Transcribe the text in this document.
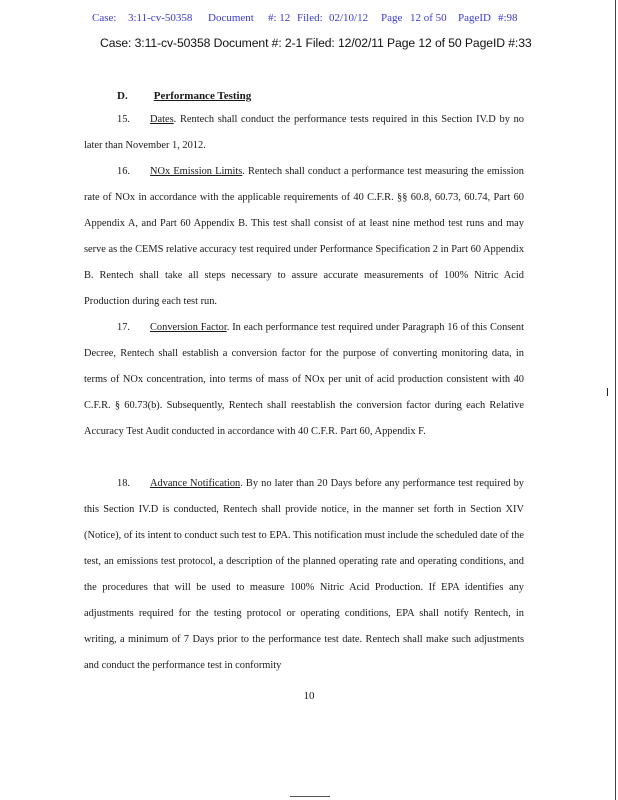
Case: 3:11-cv-50358 Document #: 12 Filed: 02/10/12 Page 12 of 50 PageID #:98
Case: 3:11-cv-50358 Document #: 2-1 Filed: 12/02/11 Page 12 of 50 PageID #:33
D. Performance Testing

15. Dates. Rentech shall conduct the performance tests required in this Section IV.D by no later than November 1, 2012.

16. NOx Emission Limits. Rentech shall conduct a performance test measuring the emission rate of NOx in accordance with the applicable requirements of 40 C.F.R. §§ 60.8, 60.73, 60.74, Part 60 Appendix A, and Part 60 Appendix B. This test shall consist of at least nine method test runs and may serve as the CEMS relative accuracy test required under Performance Specification 2 in Part 60 Appendix B. Rentech shall take all steps necessary to assure accurate measurements of 100% Nitric Acid Production during each test run.

17. Conversion Factor. In each performance test required under Paragraph 16 of this Consent Decree, Rentech shall establish a conversion factor for the purpose of converting monitoring data, in terms of NOx concentration, into terms of mass of NOx per unit of acid production consistent with 40 C.F.R. § 60.73(b). Subsequently, Rentech shall reestablish the conversion factor during each Relative Accuracy Test Audit conducted in accordance with 40 C.F.R. Part 60, Appendix F.

18. Advance Notification. By no later than 20 Days before any performance test required by this Section IV.D is conducted, Rentech shall provide notice, in the manner set forth in Section XIV (Notice), of its intent to conduct such test to EPA. This notification must include the scheduled date of the test, an emissions test protocol, a description of the planned operating rate and operating conditions, and the procedures that will be used to measure 100% Nitric Acid Production. If EPA identifies any adjustments required for the testing protocol or operating conditions, EPA shall notify Rentech, in writing, a minimum of 7 Days prior to the performance test date. Rentech shall make such adjustments and conduct the performance test in conformity

10
